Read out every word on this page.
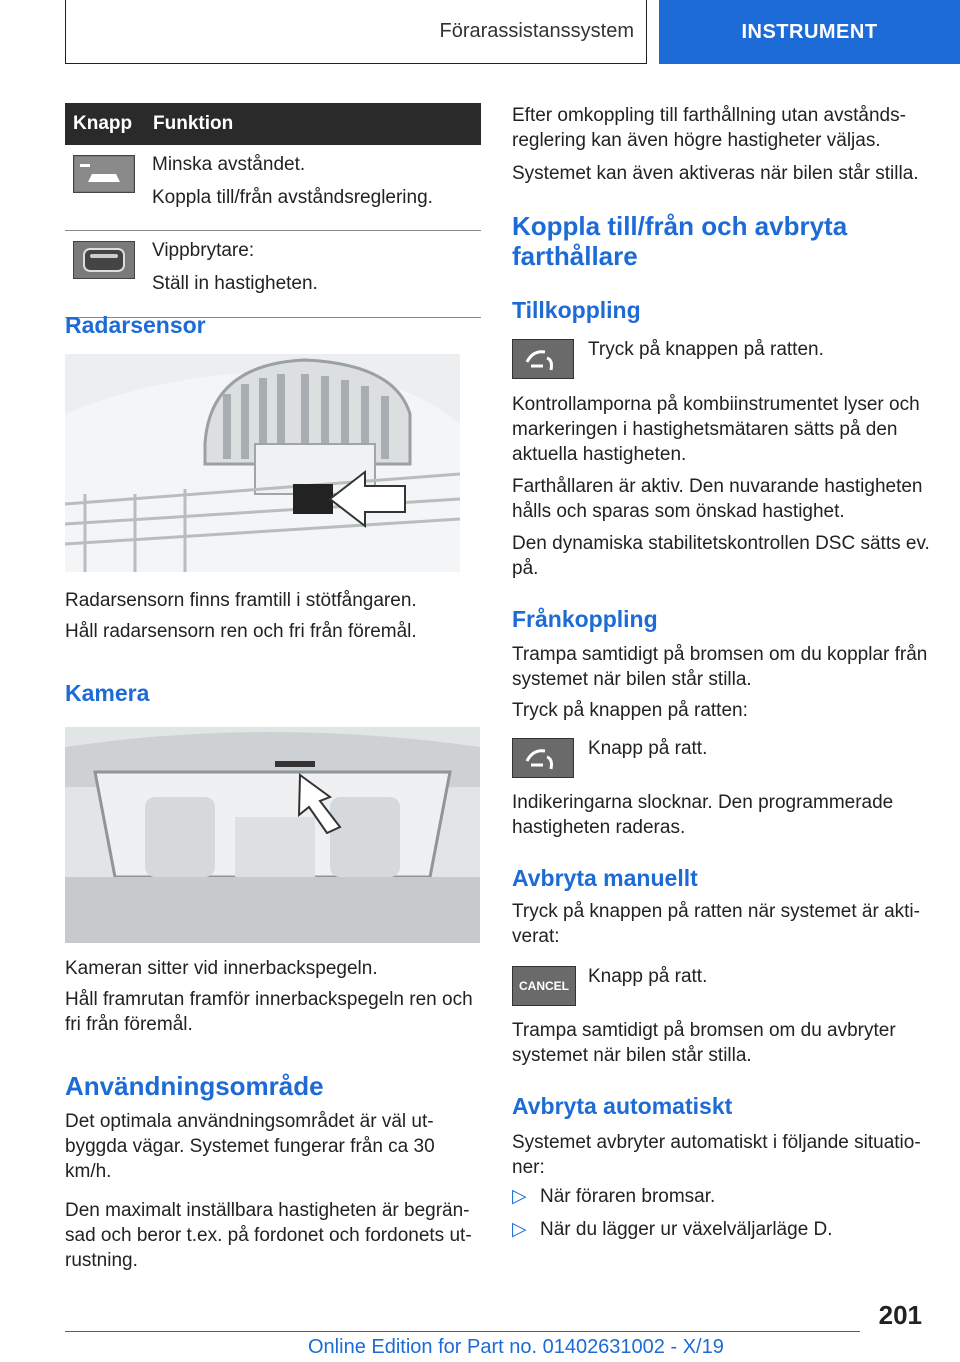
Förarassistanssystem	INSTRUMENT
Knapp	Funktion

Minska avståndet.

Koppla till/från avståndsreglering.

Vippbrytare:

Ställ in hastigheten.

Radarsensor

Radarsensorn finns framtill i stötfångaren.

Håll radarsensorn ren och fri från föremål.

Kamera

Kameran sitter vid innerbackspegeln.

Håll framrutan framför innerbackspegeln ren och fri från föremål.

Användningsområde

Det optimala användningsområdet är väl utbyggda vägar. Systemet fungerar från ca 30 km/h.

Den maximalt inställbara hastigheten är begränsad och beror t.ex. på fordonet och fordonets utrustning.

Efter omkoppling till farthållning utan avståndsreglering kan även högre hastigheter väljas.

Systemet kan även aktiveras när bilen står stilla.

Koppla till/från och avbryta farthållare
Tillkoppling

Tryck på knappen på ratten.

Kontrollamporna på kombiinstrumentet lyser och markeringen i hastighetsmätaren sätts på den aktuella hastigheten.

Farthållaren är aktiv. Den nuvarande hastigheten hålls och sparas som önskad hastighet.

Den dynamiska stabilitetskontrollen DSC sätts ev. på.

Frånkoppling

Trampa samtidigt på bromsen om du kopplar från systemet när bilen står stilla.

Tryck på knappen på ratten:

Knapp på ratt.

Indikeringarna slocknar. Den programmerade hastigheten raderas.

Avbryta manuellt

Tryck på knappen på ratten när systemet är aktiverat:

CANCEL Knapp på ratt.

Trampa samtidigt på bromsen om du avbryter systemet när bilen står stilla.

Avbryta automatiskt

Systemet avbryter automatiskt i följande situationer:

▷ När föraren bromsar.
▷ När du lägger ur växelväljarläge D.
201
Online Edition for Part no. 01402631002 - X/19
